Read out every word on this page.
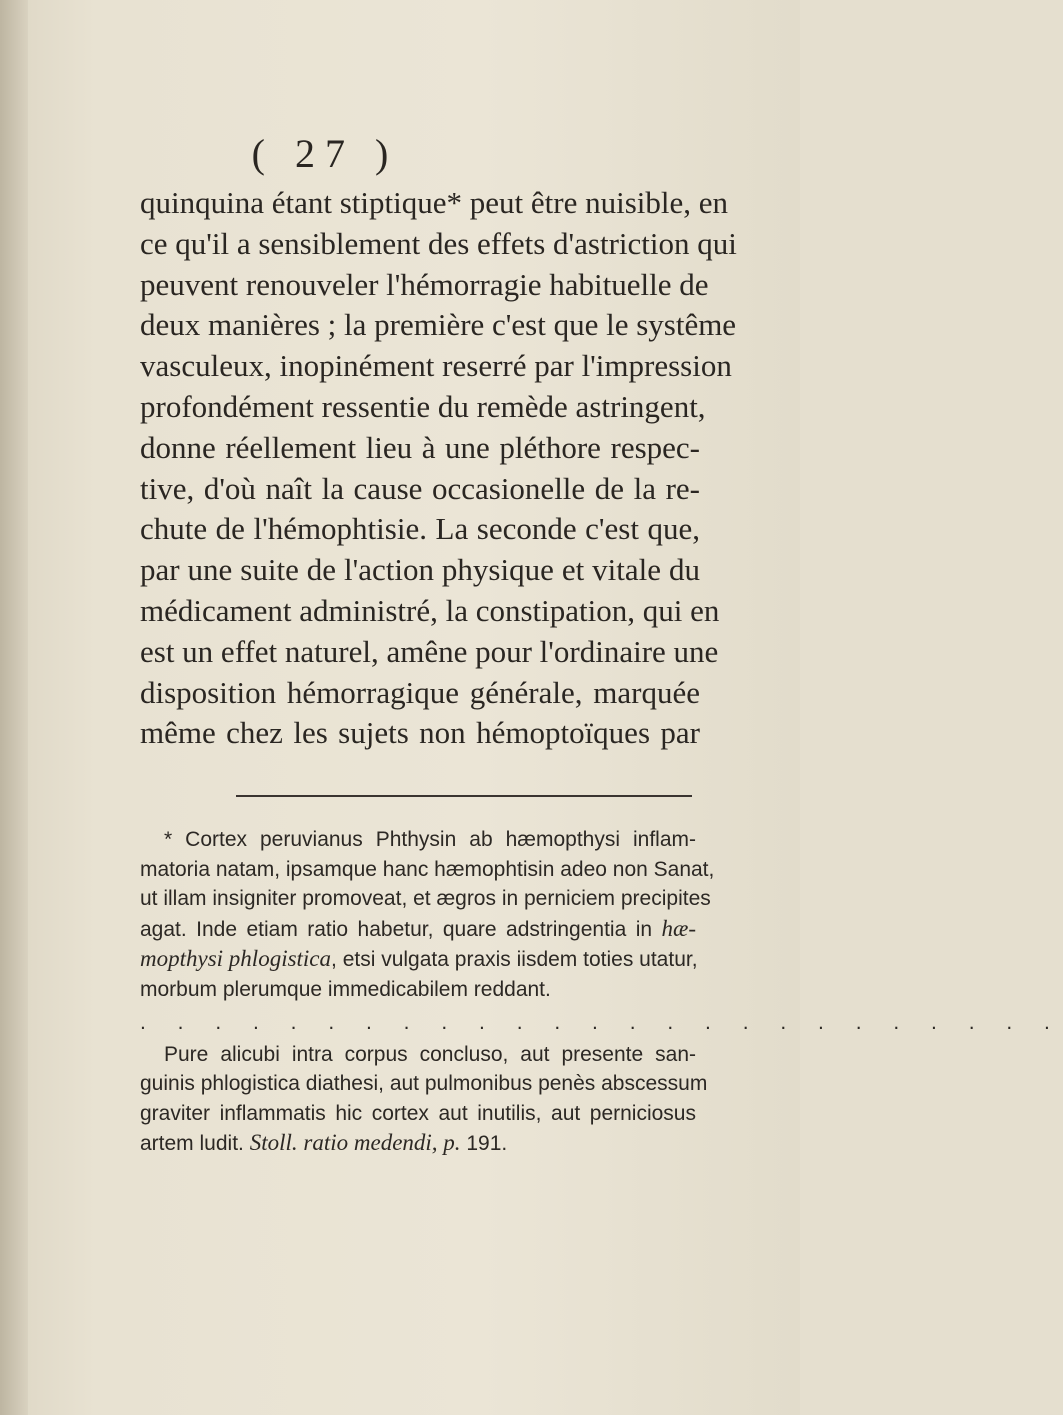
( 27 )
quinquina étant stiptique* peut être nuisible, en
ce qu'il a sensiblement des effets d'astriction qui
peuvent renouveler l'hémorragie habituelle de
deux manières ; la première c'est que le systême
vasculeux, inopinément reserré par l'impression
profondément ressentie du remède astringent,
donne réellement lieu à une pléthore respec-
tive, d'où naît la cause occasionelle de la re-
chute de l'hémophtisie. La seconde c'est que,
par une suite de l'action physique et vitale du
médicament administré, la constipation, qui en
est un effet naturel, amêne pour l'ordinaire une
disposition hémorragique générale, marquée
même chez les sujets non hémoptoïques par
* Cortex peruvianus Phthysin ab hæmopthysi inflam-
matoria natam, ipsamque hanc hæmophtisin adeo non Sanat,
ut illam insigniter promoveat, et ægros in perniciem precipites
agat. Inde etiam ratio habetur, quare adstringentia in hæ-
mopthysi phlogistica, etsi vulgata praxis iisdem toties utatur,
morbum plerumque immedicabilem reddant.
. . . . . . . . . . . . . . . . . . . . . . . . .
Pure alicubi intra corpus concluso, aut presente san-
guinis phlogistica diathesi, aut pulmonibus penès abscessum
graviter inflammatis hic cortex aut inutilis, aut perniciosus
artem ludit. Stoll. ratio medendi, p. 191.
